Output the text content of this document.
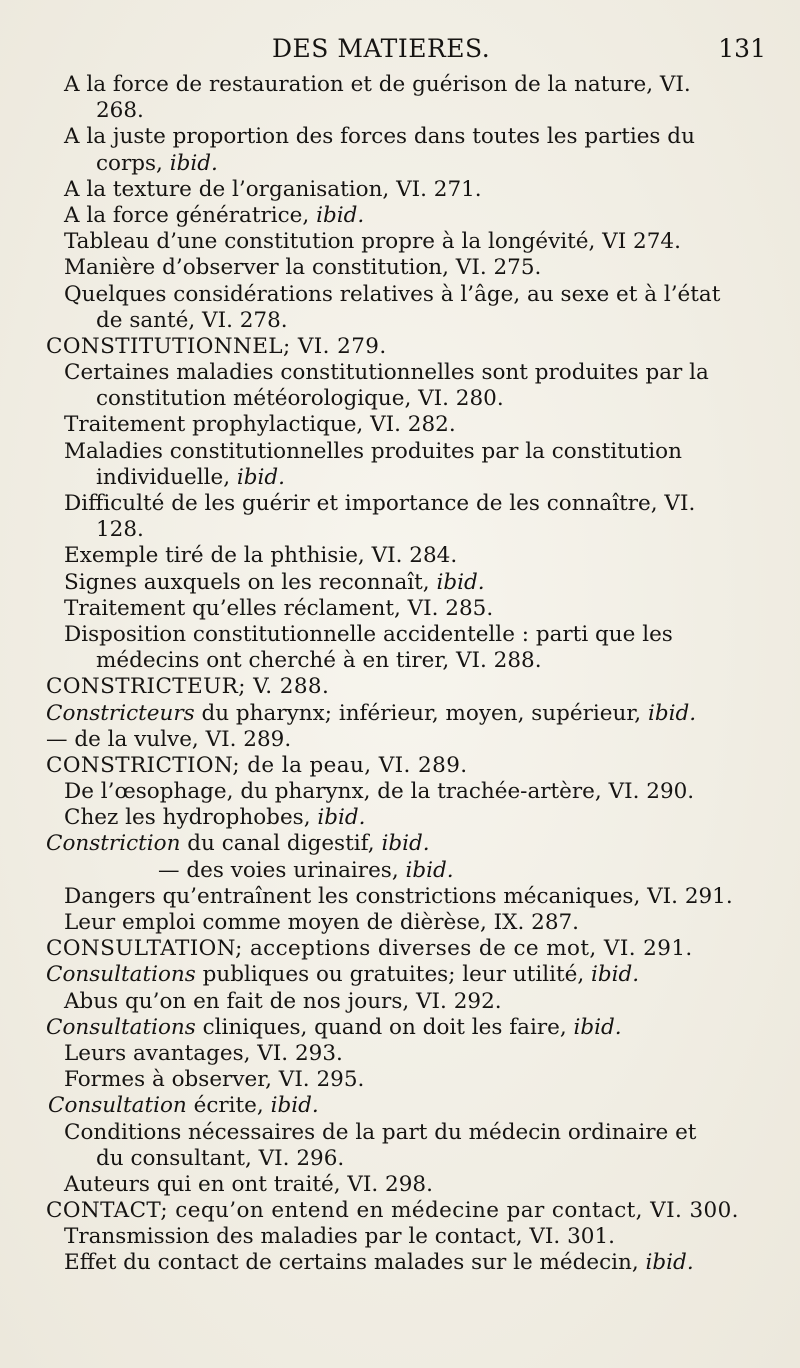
DES MATIERES.	131
A la force de restauration et de guérison de la nature, VI.
268.
A la juste proportion des forces dans toutes les parties du
corps, ibid.
A la texture de l’organisation, VI. 271.
A la force génératrice, ibid.
Tableau d’une constitution propre à la longévité, VI 274.
Manière d’observer la constitution, VI. 275.
Quelques considérations relatives à l’âge, au sexe et à l’état
de santé, VI. 278.
CONSTITUTIONNEL; VI. 279.
Certaines maladies constitutionnelles sont produites par la
constitution météorologique, VI. 280.
Traitement prophylactique, VI. 282.
Maladies constitutionnelles produites par la constitution
individuelle, ibid.
Difficulté de les guérir et importance de les connaître, VI.
128.
Exemple tiré de la phthisie, VI. 284.
Signes auxquels on les reconnaît, ibid.
Traitement qu’elles réclament, VI. 285.
Disposition constitutionnelle accidentelle : parti que les
médecins ont cherché à en tirer, VI. 288.
CONSTRICTEUR; V. 288.
Constricteurs du pharynx; inférieur, moyen, supérieur, ibid.
— de la vulve, VI. 289.
CONSTRICTION; de la peau, VI. 289.
De l’œsophage, du pharynx, de la trachée-artère, VI. 290.
Chez les hydrophobes, ibid.
Constriction du canal digestif, ibid.
— des voies urinaires, ibid.
Dangers qu’entraînent les constrictions mécaniques, VI. 291.
Leur emploi comme moyen de dièrèse, IX. 287.
CONSULTATION; acceptions diverses de ce mot, VI. 291.
Consultations publiques ou gratuites; leur utilité, ibid.
Abus qu’on en fait de nos jours, VI. 292.
Consultations cliniques, quand on doit les faire, ibid.
Leurs avantages, VI. 293.
Formes à observer, VI. 295.
Consultation écrite, ibid.
Conditions nécessaires de la part du médecin ordinaire et
du consultant, VI. 296.
Auteurs qui en ont traité, VI. 298.
CONTACT; cequ’on entend en médecine par contact, VI. 300.
Transmission des maladies par le contact, VI. 301.
Effet du contact de certains malades sur le médecin, ibid.
